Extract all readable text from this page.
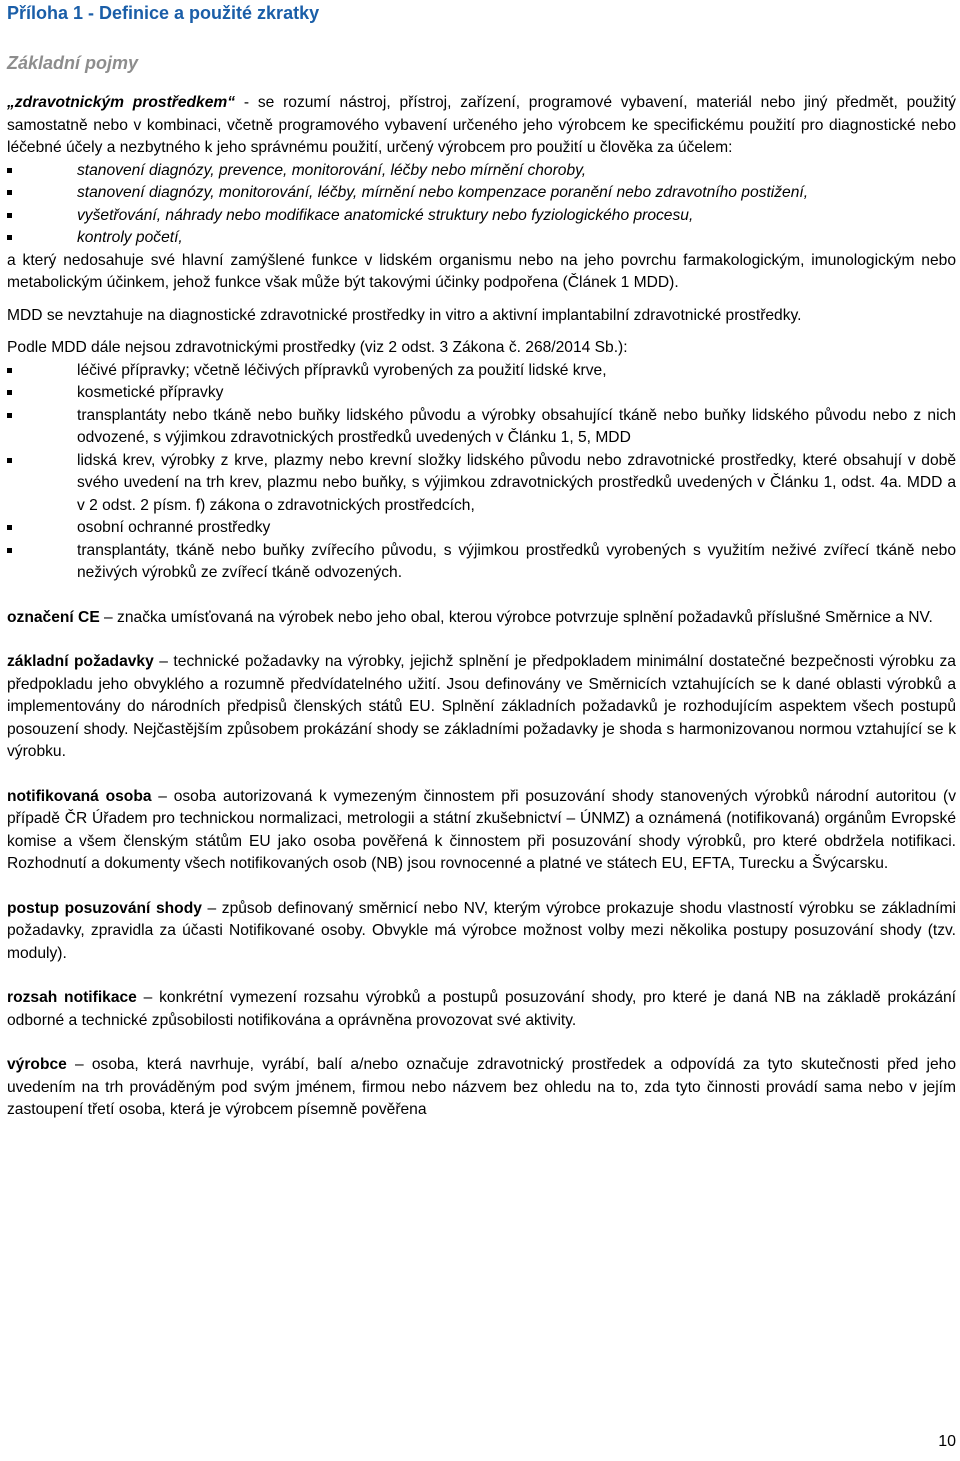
Příloha 1 - Definice a použité zkratky
Základní pojmy

„zdravotnickým prostředkem“ - se rozumí nástroj, přístroj, zařízení, programové vybavení, materiál nebo jiný předmět, použitý samostatně nebo v kombinaci, včetně programového vybavení určeného jeho výrobcem ke specifickému použití pro diagnostické nebo léčebné účely a nezbytného k jeho správnému použití, určený výrobcem pro použití u člověka za účelem:

stanovení diagnózy, prevence, monitorování, léčby nebo mírnění choroby,
stanovení diagnózy, monitorování, léčby, mírnění nebo kompenzace poranění nebo zdravotního postižení,
vyšetřování, náhrady nebo modifikace anatomické struktury nebo fyziologického procesu,
kontroly početí,

a který nedosahuje své hlavní zamýšlené funkce v lidském organismu nebo na jeho povrchu farmakologickým, imunologickým nebo metabolickým účinkem, jehož funkce však může být takovými účinky podpořena (Článek 1 MDD).

MDD se nevztahuje na diagnostické zdravotnické prostředky in vitro a aktivní implantabilní zdravotnické prostředky.

Podle MDD dále nejsou zdravotnickými prostředky (viz 2 odst. 3 Zákona č. 268/2014 Sb.):

léčivé přípravky; včetně léčivých přípravků vyrobených za použití lidské krve,
kosmetické přípravky
transplantáty nebo tkáně nebo buňky lidského původu a výrobky obsahující tkáně nebo buňky lidského původu nebo z nich odvozené, s výjimkou zdravotnických prostředků uvedených v Článku 1, 5, MDD
lidská krev, výrobky z krve, plazmy nebo krevní složky lidského původu nebo zdravotnické prostředky, které obsahují v době svého uvedení na trh krev, plazmu nebo buňky, s výjimkou zdravotnických prostředků uvedených v Článku 1, odst. 4a. MDD a v 2 odst. 2 písm. f) zákona o zdravotnických prostředcích,
osobní ochranné prostředky
transplantáty, tkáně nebo buňky zvířecího původu, s výjimkou prostředků vyrobených s využitím neživé zvířecí tkáně nebo neživých výrobků ze zvířecí tkáně odvozených.

označení CE – značka umísťovaná na výrobek nebo jeho obal, kterou výrobce potvrzuje splnění požadavků příslušné Směrnice a NV.

základní požadavky – technické požadavky na výrobky, jejichž splnění je předpokladem minimální dostatečné bezpečnosti výrobku za předpokladu jeho obvyklého a rozumně předvídatelného užití. Jsou definovány ve Směrnicích vztahujících se k dané oblasti výrobků a implementovány do národních předpisů členských států EU. Splnění základních požadavků je rozhodujícím aspektem všech postupů posouzení shody. Nejčastějším způsobem prokázání shody se základními požadavky je shoda s harmonizovanou normou vztahující se k výrobku.

notifikovaná osoba – osoba autorizovaná k vymezeným činnostem při posuzování shody stanovených výrobků národní autoritou (v případě ČR Úřadem pro technickou normalizaci, metrologii a státní zkušebnictví – ÚNMZ) a oznámená (notifikovaná) orgánům Evropské komise a všem členským státům EU jako osoba pověřená k činnostem při posuzování shody výrobků, pro které obdržela notifikaci. Rozhodnutí a dokumenty všech notifikovaných osob (NB) jsou rovnocenné a platné ve státech EU, EFTA, Turecku a Švýcarsku.

postup posuzování shody – způsob definovaný směrnicí nebo NV, kterým výrobce prokazuje shodu vlastností výrobku se základními požadavky, zpravidla za účasti Notifikované osoby. Obvykle má výrobce možnost volby mezi několika postupy posuzování shody (tzv. moduly).

rozsah notifikace – konkrétní vymezení rozsahu výrobků a postupů posuzování shody, pro které je daná NB na základě prokázání odborné a technické způsobilosti notifikována a oprávněna provozovat své aktivity.

výrobce – osoba, která navrhuje, vyrábí, balí a/nebo označuje zdravotnický prostředek a odpovídá za tyto skutečnosti před jeho uvedením na trh prováděným pod svým jménem, firmou nebo názvem bez ohledu na to, zda tyto činnosti provádí sama nebo v jejím zastoupení třetí osoba, která je výrobcem písemně pověřena

10
